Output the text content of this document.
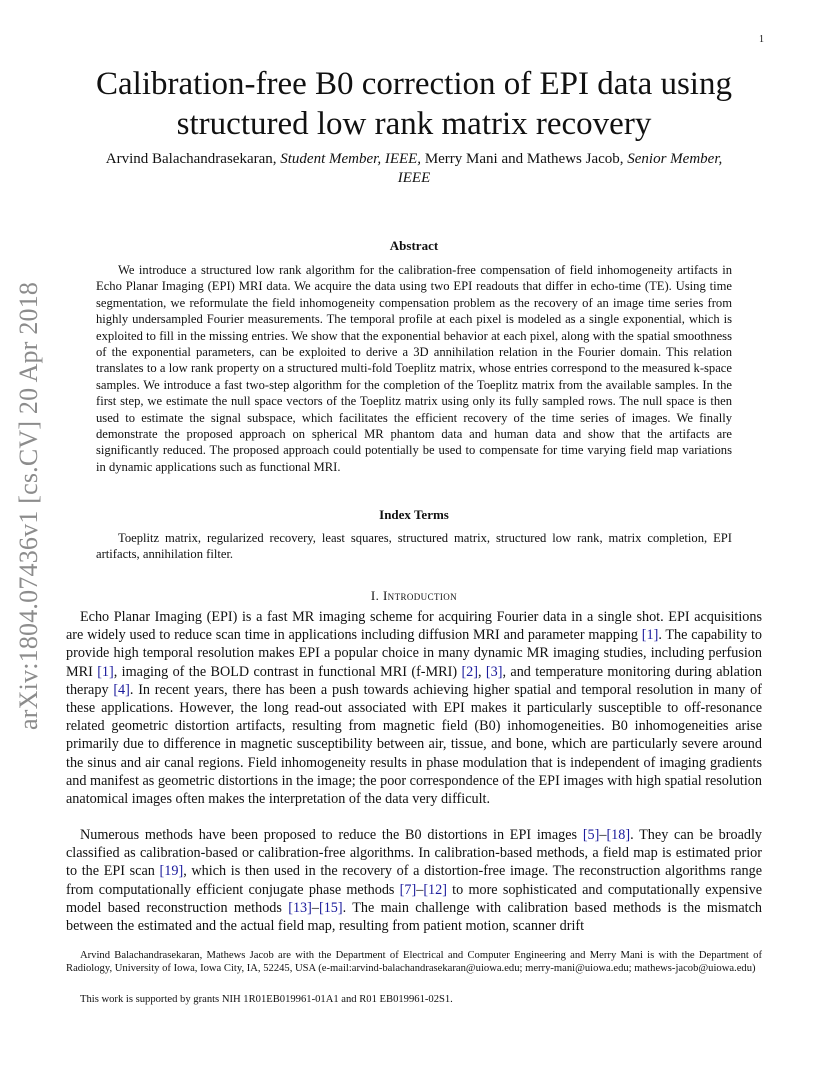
1
arXiv:1804.07436v1 [cs.CV] 20 Apr 2018
Calibration-free B0 correction of EPI data using structured low rank matrix recovery
Arvind Balachandrasekaran, Student Member, IEEE, Merry Mani and Mathews Jacob, Senior Member, IEEE
Abstract

We introduce a structured low rank algorithm for the calibration-free compensation of field inhomogeneity artifacts in Echo Planar Imaging (EPI) MRI data. We acquire the data using two EPI readouts that differ in echo-time (TE). Using time segmentation, we reformulate the field inhomogeneity compensation problem as the recovery of an image time series from highly undersampled Fourier measurements. The temporal profile at each pixel is modeled as a single exponential, which is exploited to fill in the missing entries. We show that the exponential behavior at each pixel, along with the spatial smoothness of the exponential parameters, can be exploited to derive a 3D annihilation relation in the Fourier domain. This relation translates to a low rank property on a structured multi-fold Toeplitz matrix, whose entries correspond to the measured k-space samples. We introduce a fast two-step algorithm for the completion of the Toeplitz matrix from the available samples. In the first step, we estimate the null space vectors of the Toeplitz matrix using only its fully sampled rows. The null space is then used to estimate the signal subspace, which facilitates the efficient recovery of the time series of images. We finally demonstrate the proposed approach on spherical MR phantom data and human data and show that the artifacts are significantly reduced. The proposed approach could potentially be used to compensate for time varying field map variations in dynamic applications such as functional MRI.

Index Terms

Toeplitz matrix, regularized recovery, least squares, structured matrix, structured low rank, matrix completion, EPI artifacts, annihilation filter.

I. Introduction

Echo Planar Imaging (EPI) is a fast MR imaging scheme for acquiring Fourier data in a single shot. EPI acquisitions are widely used to reduce scan time in applications including diffusion MRI and parameter mapping [1]. The capability to provide high temporal resolution makes EPI a popular choice in many dynamic MR imaging studies, including perfusion MRI [1], imaging of the BOLD contrast in functional MRI (f-MRI) [2], [3], and temperature monitoring during ablation therapy [4]. In recent years, there has been a push towards achieving higher spatial and temporal resolution in many of these applications. However, the long read-out associated with EPI makes it particularly susceptible to off-resonance related geometric distortion artifacts, resulting from magnetic field (B0) inhomogeneities. B0 inhomogeneities arise primarily due to difference in magnetic susceptibility between air, tissue, and bone, which are particularly severe around the sinus and air canal regions. Field inhomogeneity results in phase modulation that is independent of imaging gradients and manifest as geometric distortions in the image; the poor correspondence of the EPI images with high spatial resolution anatomical images often makes the interpretation of the data very difficult.

Numerous methods have been proposed to reduce the B0 distortions in EPI images [5]–[18]. They can be broadly classified as calibration-based or calibration-free algorithms. In calibration-based methods, a field map is estimated prior to the EPI scan [19], which is then used in the recovery of a distortion-free image. The reconstruction algorithms range from computationally efficient conjugate phase methods [7]–[12] to more sophisticated and computationally expensive model based reconstruction methods [13]–[15]. The main challenge with calibration based methods is the mismatch between the estimated and the actual field map, resulting from patient motion, scanner drift

Arvind Balachandrasekaran, Mathews Jacob are with the Department of Electrical and Computer Engineering and Merry Mani is with the Department of Radiology, University of Iowa, Iowa City, IA, 52245, USA (e-mail:arvind-balachandrasekaran@uiowa.edu; merry-mani@uiowa.edu; mathews-jacob@uiowa.edu)

This work is supported by grants NIH 1R01EB019961-01A1 and R01 EB019961-02S1.
